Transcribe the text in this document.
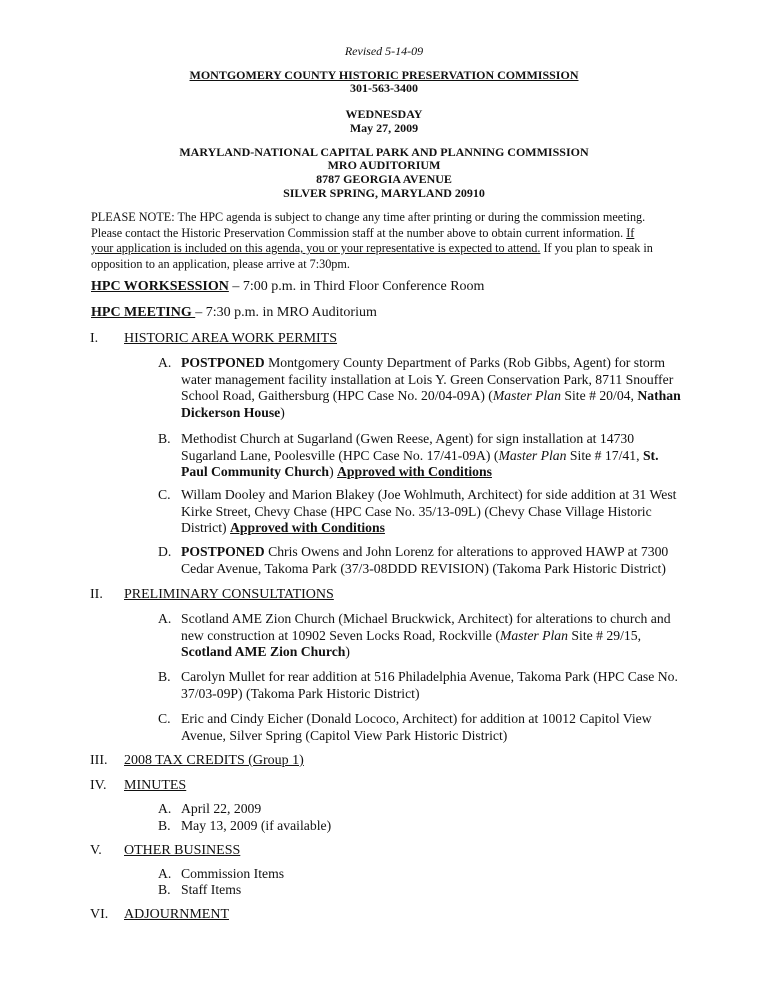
Revised 5-14-09
MONTGOMERY COUNTY HISTORIC PRESERVATION COMMISSION
301-563-3400
WEDNESDAY
May 27, 2009
MARYLAND-NATIONAL CAPITAL PARK AND PLANNING COMMISSION
MRO AUDITORIUM
8787 GEORGIA AVENUE
SILVER SPRING, MARYLAND 20910
PLEASE NOTE: The HPC agenda is subject to change any time after printing or during the commission meeting.
Please contact the Historic Preservation Commission staff at the number above to obtain current information. If
your application is included on this agenda, you or your representative is expected to attend. If you plan to speak in
opposition to an application, please arrive at 7:30pm.
HPC WORKSESSION – 7:00 p.m. in Third Floor Conference Room
HPC MEETING – 7:30 p.m. in MRO Auditorium
I. HISTORIC AREA WORK PERMITS
A. POSTPONED Montgomery County Department of Parks (Rob Gibbs, Agent) for storm water management facility installation at Lois Y. Green Conservation Park, 8711 Snouffer School Road, Gaithersburg (HPC Case No. 20/04-09A) (Master Plan Site # 20/04, Nathan Dickerson House)
B. Methodist Church at Sugarland (Gwen Reese, Agent) for sign installation at 14730 Sugarland Lane, Poolesville (HPC Case No. 17/41-09A) (Master Plan Site # 17/41, St. Paul Community Church) Approved with Conditions
C. Willam Dooley and Marion Blakey (Joe Wohlmuth, Architect) for side addition at 31 West Kirke Street, Chevy Chase (HPC Case No. 35/13-09L) (Chevy Chase Village Historic District) Approved with Conditions
D. POSTPONED Chris Owens and John Lorenz for alterations to approved HAWP at 7300 Cedar Avenue, Takoma Park (37/3-08DDD REVISION) (Takoma Park Historic District)
II. PRELIMINARY CONSULTATIONS
A. Scotland AME Zion Church (Michael Bruckwick, Architect) for alterations to church and new construction at 10902 Seven Locks Road, Rockville (Master Plan Site # 29/15, Scotland AME Zion Church)
B. Carolyn Mullet for rear addition at 516 Philadelphia Avenue, Takoma Park (HPC Case No. 37/03-09P) (Takoma Park Historic District)
C. Eric and Cindy Eicher (Donald Lococo, Architect) for addition at 10012 Capitol View Avenue, Silver Spring (Capitol View Park Historic District)
III. 2008 TAX CREDITS (Group 1)
IV. MINUTES
A. April 22, 2009
B. May 13, 2009 (if available)
V. OTHER BUSINESS
A. Commission Items
B. Staff Items
VI. ADJOURNMENT
